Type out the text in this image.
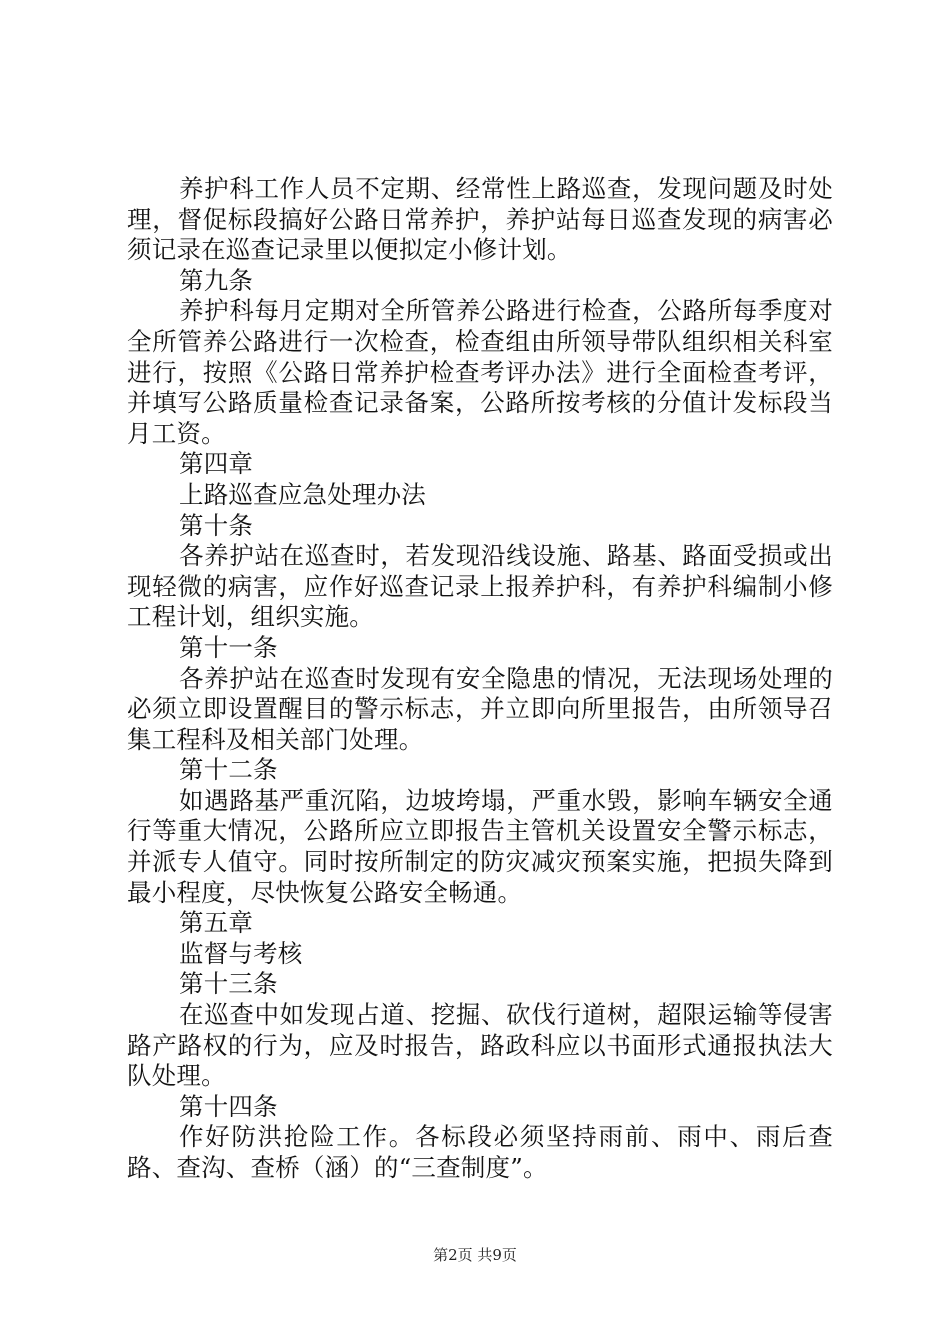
养护科工作人员不定期、经常性上路巡查，发现问题及时处理，督促标段搞好公路日常养护，养护站每日巡查发现的病害必须记录在巡查记录里以便拟定小修计划。

第九条

养护科每月定期对全所管养公路进行检查，公路所每季度对全所管养公路进行一次检查，检查组由所领导带队组织相关科室进行，按照《公路日常养护检查考评办法》进行全面检查考评，并填写公路质量检查记录备案，公路所按考核的分值计发标段当月工资。

第四章

上路巡查应急处理办法

第十条

各养护站在巡查时，若发现沿线设施、路基、路面受损或出现轻微的病害，应作好巡查记录上报养护科，有养护科编制小修工程计划，组织实施。

第十一条

各养护站在巡查时发现有安全隐患的情况，无法现场处理的必须立即设置醒目的警示标志，并立即向所里报告，由所领导召集工程科及相关部门处理。

第十二条

如遇路基严重沉陷，边坡垮塌，严重水毁，影响车辆安全通行等重大情况，公路所应立即报告主管机关设置安全警示标志，并派专人值守。同时按所制定的防灾减灾预案实施，把损失降到最小程度，尽快恢复公路安全畅通。

第五章

监督与考核

第十三条

在巡查中如发现占道、挖掘、砍伐行道树，超限运输等侵害路产路权的行为，应及时报告，路政科应以书面形式通报执法大队处理。

第十四条

作好防洪抢险工作。各标段必须坚持雨前、雨中、雨后查路、查沟、查桥（涵）的“三查制度”。

第2页 共9页
